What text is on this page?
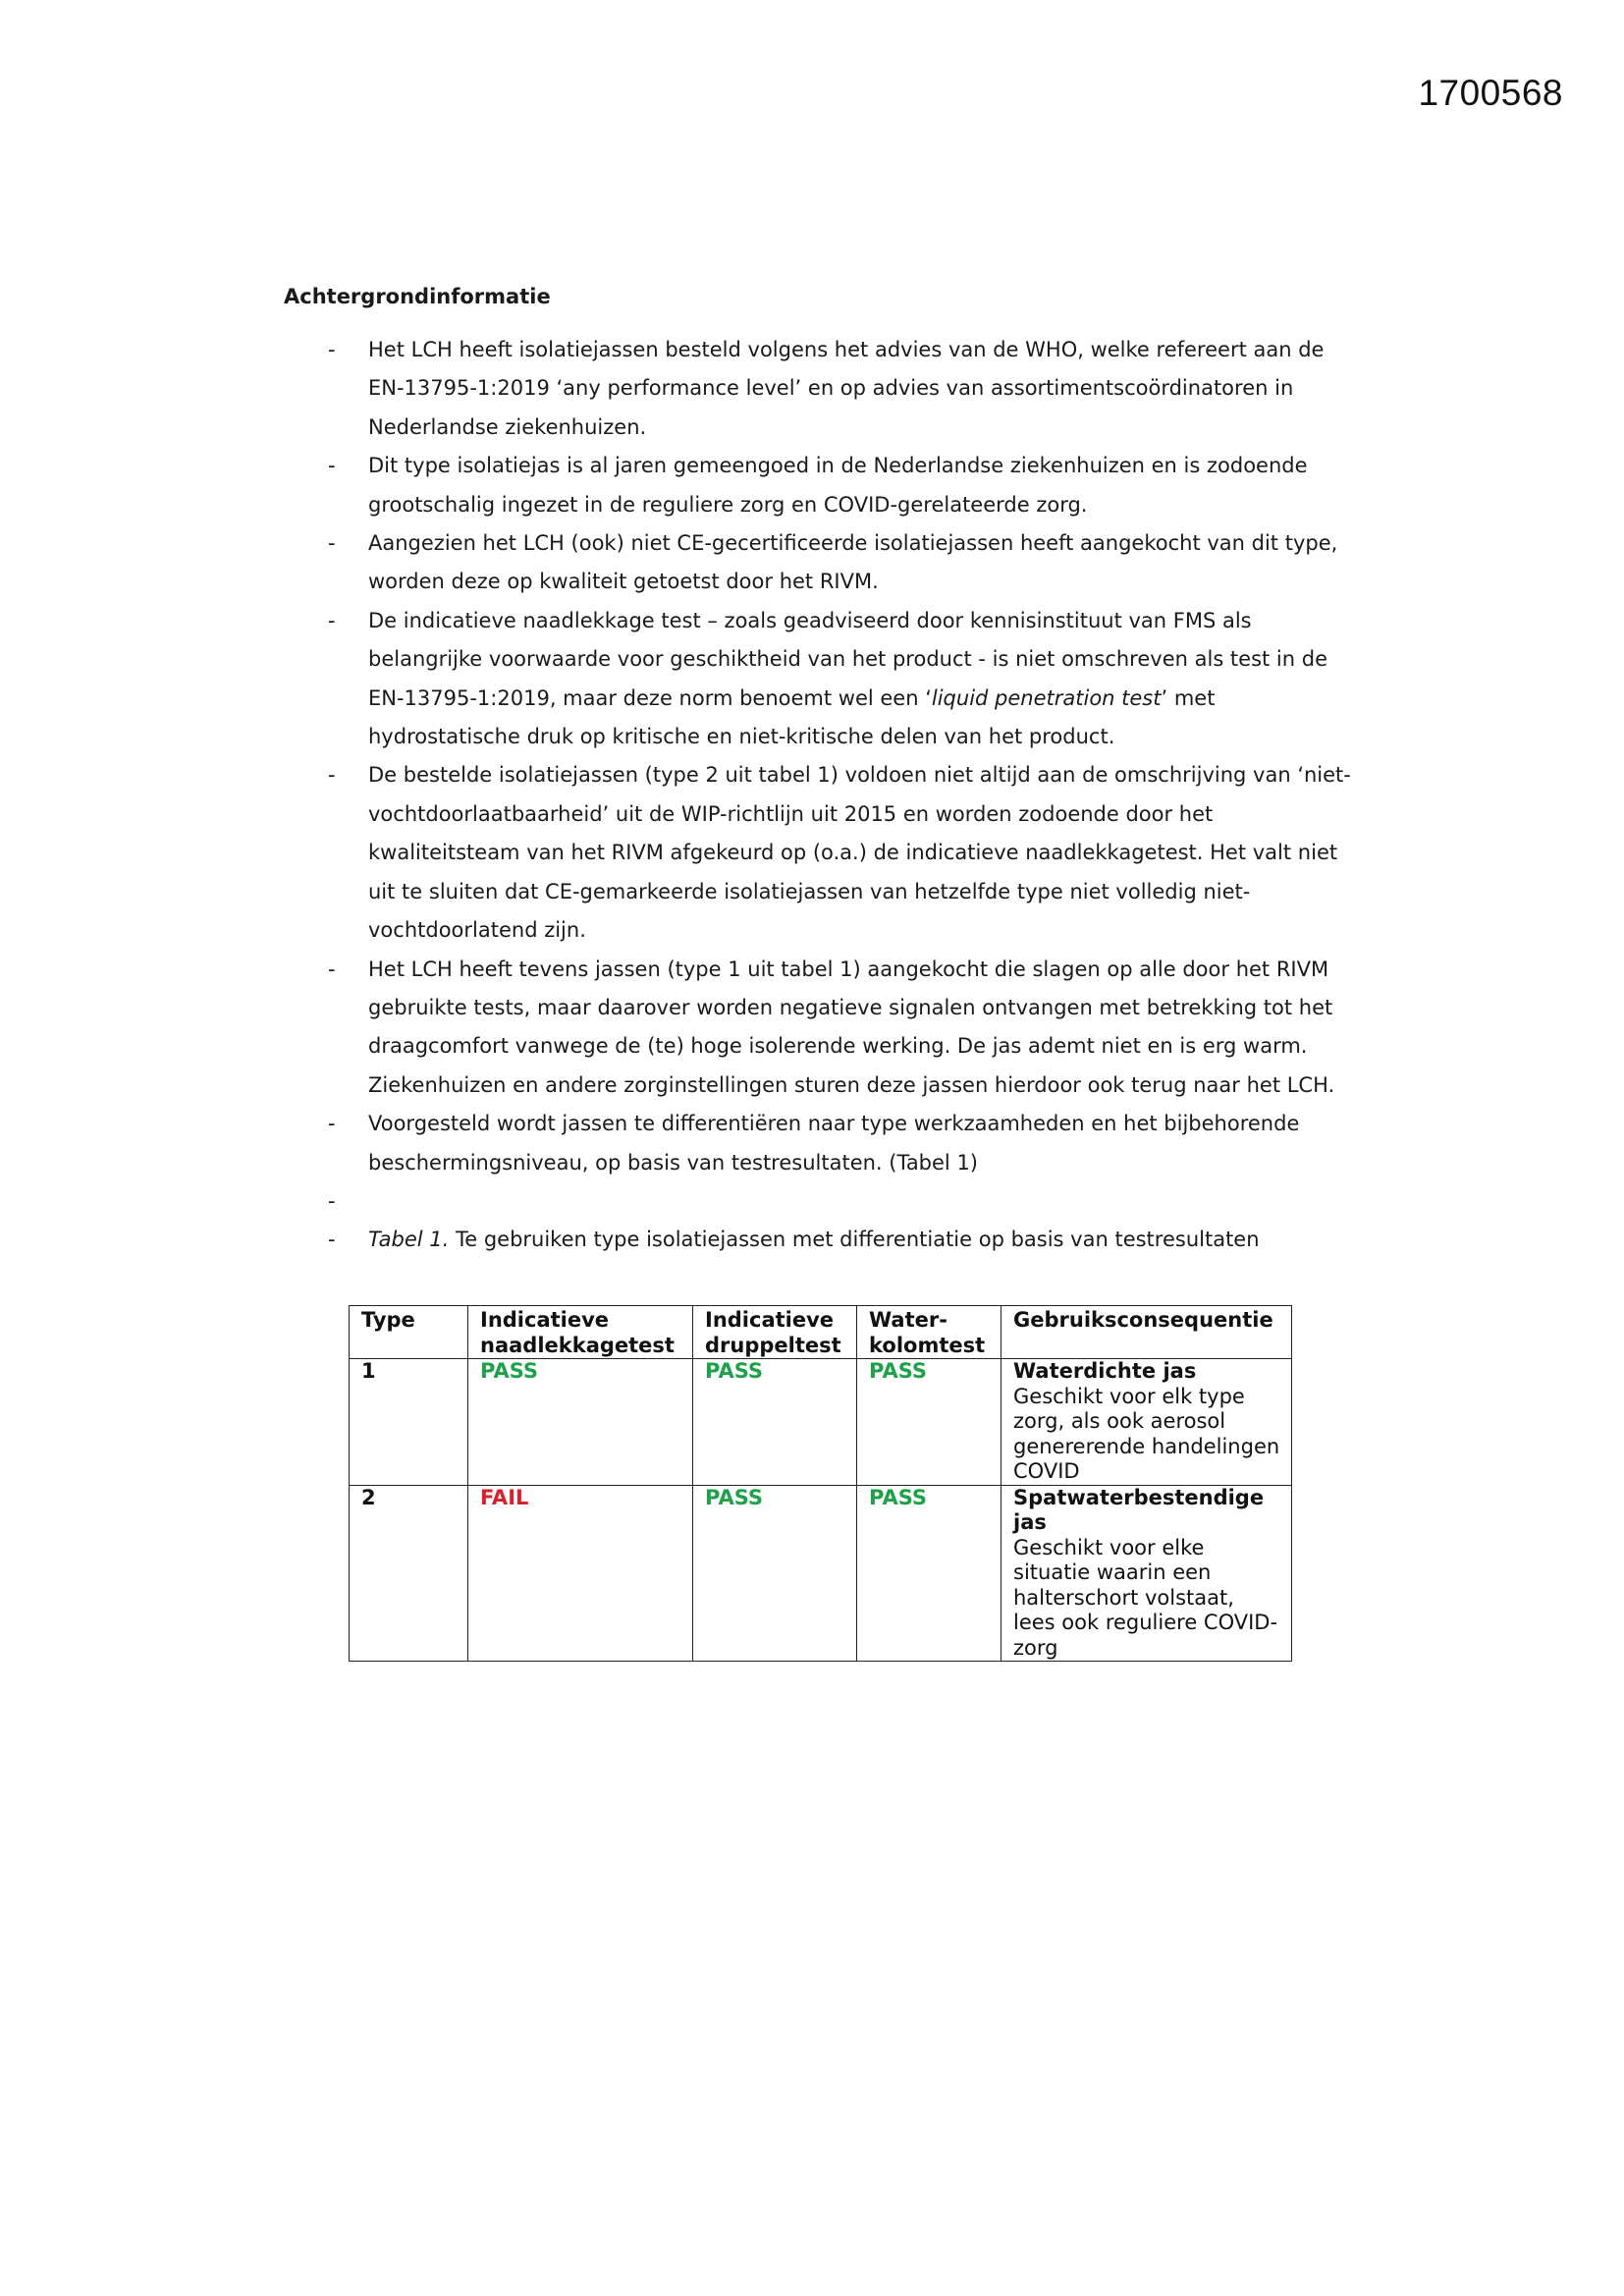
1700568
Achtergrondinformatie
-	Het LCH heeft isolatiejassen besteld volgens het advies van de WHO, welke refereert aan de EN-13795-1:2019 ‘any performance level’ en op advies van assortimentscoördinatoren in Nederlandse ziekenhuizen.
-	Dit type isolatiejas is al jaren gemeengoed in de Nederlandse ziekenhuizen en is zodoende grootschalig ingezet in de reguliere zorg en COVID-gerelateerde zorg.
-	Aangezien het LCH (ook) niet CE-gecertificeerde isolatiejassen heeft aangekocht van dit type, worden deze op kwaliteit getoetst door het RIVM.
-	De indicatieve naadlekkage test – zoals geadviseerd door kennisinstituut van FMS als belangrijke voorwaarde voor geschiktheid van het product - is niet omschreven als test in de EN-13795-1:2019, maar deze norm benoemt wel een ‘liquid penetration test’ met hydrostatische druk op kritische en niet-kritische delen van het product.
-	De bestelde isolatiejassen (type 2 uit tabel 1) voldoen niet altijd aan de omschrijving van ‘niet-vochtdoorlaatbaarheid’ uit de WIP-richtlijn uit 2015 en worden zodoende door het kwaliteitsteam van het RIVM afgekeurd op (o.a.) de indicatieve naadlekkagetest. Het valt niet uit te sluiten dat CE-gemarkeerde isolatiejassen van hetzelfde type niet volledig niet-vochtdoorlatend zijn.
-	Het LCH heeft tevens jassen (type 1 uit tabel 1) aangekocht die slagen op alle door het RIVM gebruikte tests, maar daarover worden negatieve signalen ontvangen met betrekking tot het draagcomfort vanwege de (te) hoge isolerende werking. De jas ademt niet en is erg warm. Ziekenhuizen en andere zorginstellingen sturen deze jassen hierdoor ook terug naar het LCH.
-	Voorgesteld wordt jassen te differentiëren naar type werkzaamheden en het bijbehorende beschermingsniveau, op basis van testresultaten. (Tabel 1)
-
-	Tabel 1. Te gebruiken type isolatiejassen met differentiatie op basis van testresultaten
Type	Indicatieve naadlekkagetest	Indicatieve druppeltest	Water-kolomtest	Gebruiksconsequentie
1	PASS	PASS	PASS	Waterdichte jas
Geschikt voor elk type zorg, als ook aerosol genererende handelingen COVID

2	FAIL	PASS	PASS	Spatwaterbestendige jas
Geschikt voor elke situatie waarin een halterschort volstaat, lees ook reguliere COVID-zorg
